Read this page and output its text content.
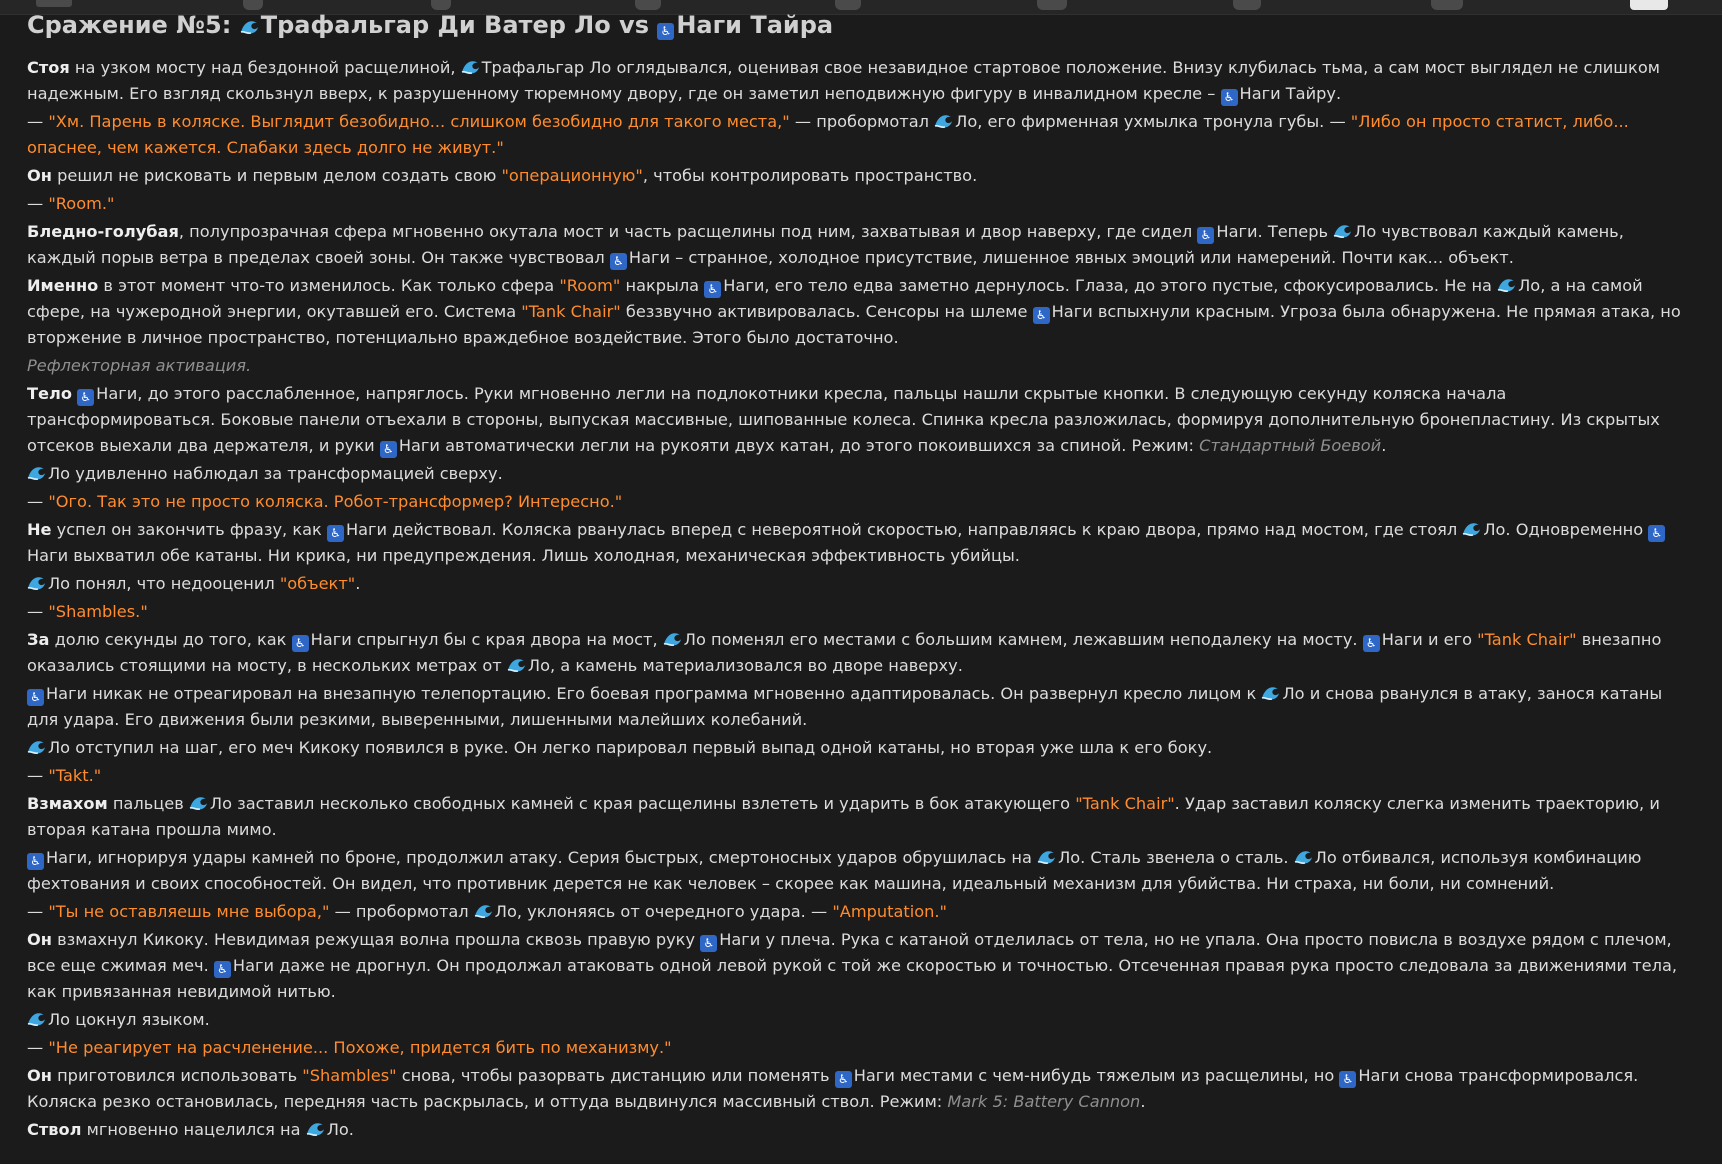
Сражение №5: Трафальгар Ди Ватер Ло vs ♿ Наги Тайра

Стоя на узком мосту над бездонной расщелиной, Трафальгар Ло оглядывался, оценивая свое незавидное стартовое положение. Внизу клубилась тьма, а сам мост выглядел не слишком надежным. Его взгляд скользнул вверх, к разрушенному тюремному двору, где он заметил неподвижную фигуру в инвалидном кресле – ♿ Наги Тайру.

— "Хм. Парень в коляске. Выглядит безобидно... слишком безобидно для такого места," — пробормотал Ло, его фирменная ухмылка тронула губы. — "Либо он просто статист, либо... опаснее, чем кажется. Слабаки здесь долго не живут."

Он решил не рисковать и первым делом создать свою "операционную", чтобы контролировать пространство.

— "Room."

Бледно-голубая, полупрозрачная сфера мгновенно окутала мост и часть расщелины под ним, захватывая и двор наверху, где сидел ♿ Наги. Теперь Ло чувствовал каждый камень, каждый порыв ветра в пределах своей зоны. Он также чувствовал ♿ Наги – странное, холодное присутствие, лишенное явных эмоций или намерений. Почти как... объект.

Именно в этот момент что-то изменилось. Как только сфера "Room" накрыла ♿ Наги, его тело едва заметно дернулось. Глаза, до этого пустые, сфокусировались. Не на Ло, а на самой сфере, на чужеродной энергии, окутавшей его. Система "Tank Chair" беззвучно активировалась. Сенсоры на шлеме ♿ Наги вспыхнули красным. Угроза была обнаружена. Не прямая атака, но вторжение в личное пространство, потенциально враждебное воздействие. Этого было достаточно.

Рефлекторная активация.

Тело ♿ Наги, до этого расслабленное, напряглось. Руки мгновенно легли на подлокотники кресла, пальцы нашли скрытые кнопки. В следующую секунду коляска начала трансформироваться. Боковые панели отъехали в стороны, выпуская массивные, шипованные колеса. Спинка кресла разложилась, формируя дополнительную бронепластину. Из скрытых отсеков выехали два держателя, и руки ♿ Наги автоматически легли на рукояти двух катан, до этого покоившихся за спиной. Режим: Стандартный Боевой.

Ло удивленно наблюдал за трансформацией сверху.

— "Ого. Так это не просто коляска. Робот-трансформер? Интересно."

Не успел он закончить фразу, как ♿ Наги действовал. Коляска рванулась вперед с невероятной скоростью, направляясь к краю двора, прямо над мостом, где стоял Ло. Одновременно ♿Наги выхватил обе катаны. Ни крика, ни предупреждения. Лишь холодная, механическая эффективность убийцы.

Ло понял, что недооценил "объект".

— "Shambles."

За долю секунды до того, как ♿ Наги спрыгнул бы с края двора на мост, Ло поменял его местами с большим камнем, лежавшим неподалеку на мосту. ♿ Наги и его "Tank Chair" внезапно оказались стоящими на мосту, в нескольких метрах от Ло, а камень материализовался во дворе наверху.

♿ Наги никак не отреагировал на внезапную телепортацию. Его боевая программа мгновенно адаптировалась. Он развернул кресло лицом к Ло и снова рванулся в атаку, занося катаны для удара. Его движения были резкими, выверенными, лишенными малейших колебаний.

Ло отступил на шаг, его меч Кикоку появился в руке. Он легко парировал первый выпад одной катаны, но вторая уже шла к его боку.

— "Takt."

Взмахом пальцев Ло заставил несколько свободных камней с края расщелины взлететь и ударить в бок атакующего "Tank Chair". Удар заставил коляску слегка изменить траекторию, и вторая катана прошла мимо.

♿ Наги, игнорируя удары камней по броне, продолжил атаку. Серия быстрых, смертоносных ударов обрушилась на Ло. Сталь звенела о сталь. Ло отбивался, используя комбинацию фехтования и своих способностей. Он видел, что противник дерется не как человек – скорее как машина, идеальный механизм для убийства. Ни страха, ни боли, ни сомнений.

— "Ты не оставляешь мне выбора," — пробормотал Ло, уклоняясь от очередного удара. — "Amputation."

Он взмахнул Кикоку. Невидимая режущая волна прошла сквозь правую руку ♿ Наги у плеча. Рука с катаной отделилась от тела, но не упала. Она просто повисла в воздухе рядом с плечом, все еще сжимая меч. ♿ Наги даже не дрогнул. Он продолжал атаковать одной левой рукой с той же скоростью и точностью. Отсеченная правая рука просто следовала за движениями тела, как привязанная невидимой нитью.

Ло цокнул языком.

— "Не реагирует на расчленение... Похоже, придется бить по механизму."

Он приготовился использовать "Shambles" снова, чтобы разорвать дистанцию или поменять ♿ Наги местами с чем-нибудь тяжелым из расщелины, но ♿ Наги снова трансформировался. Коляска резко остановилась, передняя часть раскрылась, и оттуда выдвинулся массивный ствол. Режим: Mark 5: Battery Cannon.

Ствол мгновенно нацелился на Ло.
